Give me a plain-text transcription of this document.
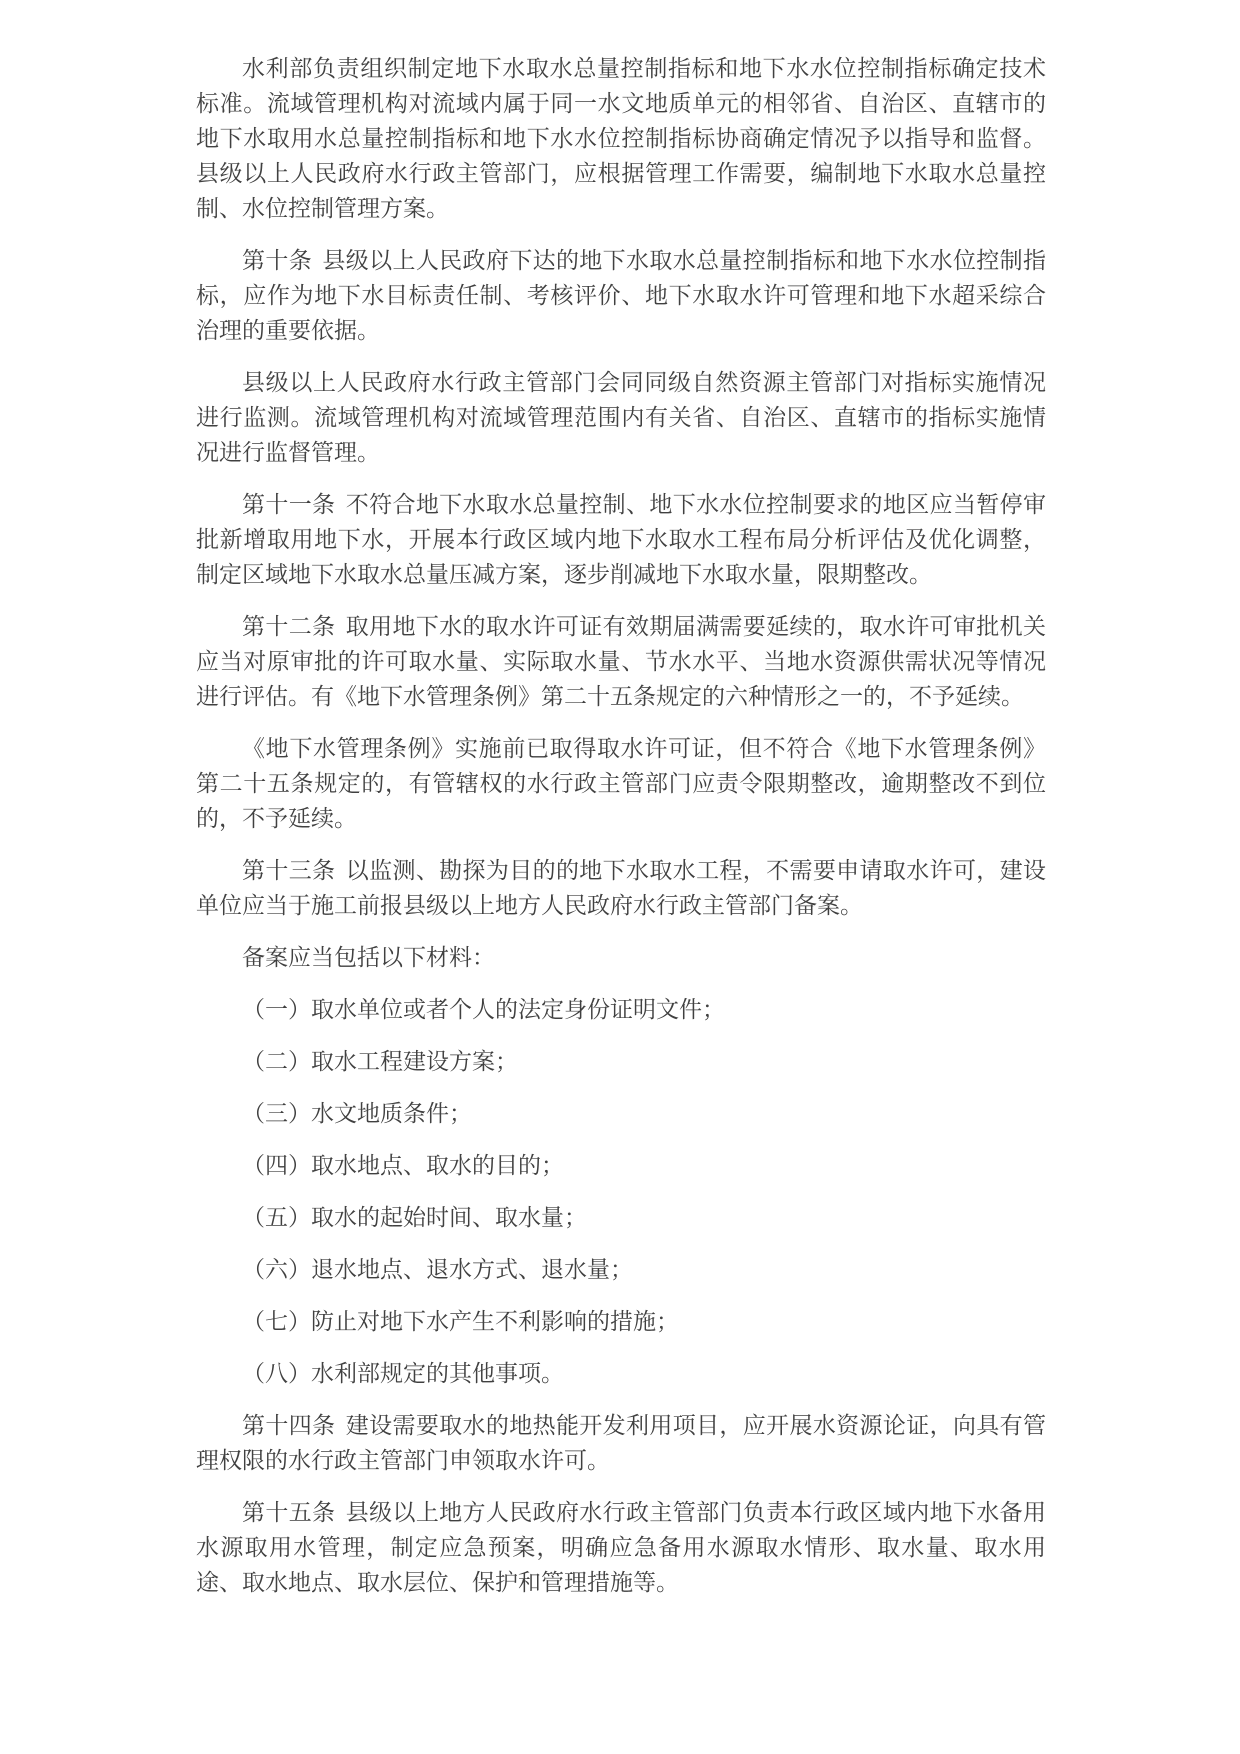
水利部负责组织制定地下水取水总量控制指标和地下水水位控制指标确定技术标准。流域管理机构对流域内属于同一水文地质单元的相邻省、自治区、直辖市的地下水取用水总量控制指标和地下水水位控制指标协商确定情况予以指导和监督。县级以上人民政府水行政主管部门，应根据管理工作需要，编制地下水取水总量控制、水位控制管理方案。

第十条 县级以上人民政府下达的地下水取水总量控制指标和地下水水位控制指标，应作为地下水目标责任制、考核评价、地下水取水许可管理和地下水超采综合治理的重要依据。

县级以上人民政府水行政主管部门会同同级自然资源主管部门对指标实施情况进行监测。流域管理机构对流域管理范围内有关省、自治区、直辖市的指标实施情况进行监督管理。

第十一条 不符合地下水取水总量控制、地下水水位控制要求的地区应当暂停审批新增取用地下水，开展本行政区域内地下水取水工程布局分析评估及优化调整，制定区域地下水取水总量压减方案，逐步削减地下水取水量，限期整改。

第十二条 取用地下水的取水许可证有效期届满需要延续的，取水许可审批机关应当对原审批的许可取水量、实际取水量、节水水平、当地水资源供需状况等情况进行评估。有《地下水管理条例》第二十五条规定的六种情形之一的，不予延续。

《地下水管理条例》实施前已取得取水许可证，但不符合《地下水管理条例》第二十五条规定的，有管辖权的水行政主管部门应责令限期整改，逾期整改不到位的，不予延续。

第十三条 以监测、勘探为目的的地下水取水工程，不需要申请取水许可，建设单位应当于施工前报县级以上地方人民政府水行政主管部门备案。

备案应当包括以下材料：

（一）取水单位或者个人的法定身份证明文件；

（二）取水工程建设方案；

（三）水文地质条件；

（四）取水地点、取水的目的；

（五）取水的起始时间、取水量；

（六）退水地点、退水方式、退水量；

（七）防止对地下水产生不利影响的措施；

（八）水利部规定的其他事项。

第十四条 建设需要取水的地热能开发利用项目，应开展水资源论证，向具有管理权限的水行政主管部门申领取水许可。

第十五条 县级以上地方人民政府水行政主管部门负责本行政区域内地下水备用水源取用水管理，制定应急预案，明确应急备用水源取水情形、取水量、取水用途、取水地点、取水层位、保护和管理措施等。
